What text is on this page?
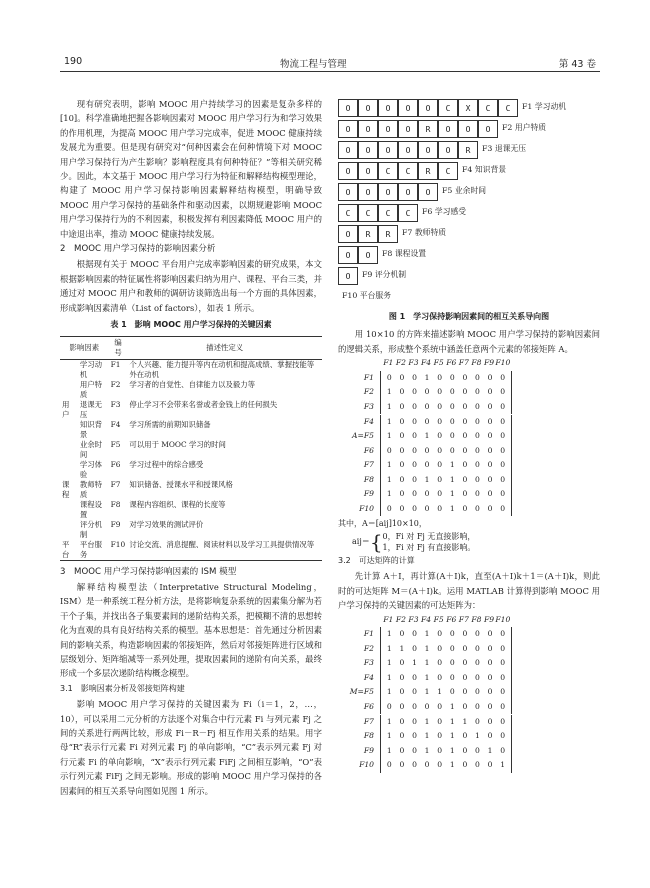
190	物流工程与管理	第 43 卷

现有研究表明，影响 MOOC 用户持续学习的因素是复杂多样的[10]。科学准确地把握各影响因素对 MOOC 用户学习行为和学习效果的作用机理，为提高 MOOC 用户学习完成率，促进 MOOC 健康持续发展尤为重要。但是现有研究对“何种因素会在何种情境下对 MOOC 用户学习保持行为产生影响？影响程度具有何种特征？”等相关研究稀少。因此，本文基于 MOOC 用户学习行为特征和解释结构模型理论，构建了 MOOC 用户学习保持影响因素解释结构模型，明确导致 MOOC 用户学习保持的基础条件和驱动因素，以期规避影响 MOOC 用户学习保持行为的不利因素，积极发挥有利因素降低 MOOC 用户的中途退出率，推动 MOOC 健康持续发展。

2　MOOC 用户学习保持的影响因素分析

根据现有关于 MOOC 平台用户完成率影响因素的研究成果，本文根据影响因素的特征属性将影响因素归纳为用户、课程、平台三类，并通过对 MOOC 用户和教师的调研访谈筛选出每一个方面的具体因素，形成影响因素清单（List of factors），如表 1 所示。

表 1　影响 MOOC 用户学习保持的关键因素
影响因素		编号	描述性定义
	学习动机	F1	个人兴趣、能力提升等内在动机和提高成绩、掌握技能等外在动机
	用户特质	F2	学习者的自觉性、自律能力以及毅力等
用户	退课无压	F3	停止学习不会带来名誉或者金钱上的任何损失
	知识背景	F4	学习所需的前期知识储备
	业余时间	F5	可以用于 MOOC 学习的时间
	学习体验	F6	学习过程中的综合感受
课程	教师特质	F7	知识储备、授课水平和授课风格
	课程设置	F8	课程内容组织、课程的长度等
	评分机制	F9	对学习效果的测试评价
平台	平台服务	F10	讨论交流、消息提醒、阅读材料以及学习工具提供情况等
3　MOOC 用户学习保持影响因素的 ISM 模型

解释结构模型法（Interpretative Structural Modeling，ISM）是一种系统工程分析方法，是将影响复杂系统的因素集分解为若干个子集，并找出各子集要素间的递阶结构关系，把模糊不清的思想转化为直观的具有良好结构关系的模型。基本思想是：首先通过分析因素间的影响关系，构造影响因素的邻接矩阵，然后对邻接矩阵进行区域和层级划分、矩阵缩减等一系列处理，提取因素间的递阶有向关系，最终形成一个多层次递阶结构概念模型。

3.1　影响因素分析及邻接矩阵构建

影响 MOOC 用户学习保持的关键因素为 Fi（i＝1，2，…，10），可以采用二元分析的方法逐个对集合中行元素 Fi 与列元素 Fj 之间的关系进行两两比较，形成 Fi－R－Fj 相互作用关系的结果。用字母“R”表示行元素 Fi 对列元素 Fj 的单向影响，“C”表示列元素 Fj 对行元素 Fi 的单向影响，“X”表示行列元素 FiFj 之间相互影响，“O”表示行列元素 FiFj 之间无影响。形成的影响 MOOC 用户学习保持的各因素间的相互关系导向图如见图 1 所示。

O	O	O	O	O	C	X	C	C	F1 学习动机
O	O	O	O	R	O	O	O	F2 用户特质
O	O	O	O	O	O	R	F3 退课无压
O	O	C	C	R	C	F4 知识背景
O	O	O	O	O	F5 业余时间
C	C	C	C	F6 学习感受
O	R	R	F7 教师特质
O	O	F8 课程设置
O	F9 评分机制
F10 平台服务
图 1　学习保持影响因素间的相互关系导向图

用 10×10 的方阵来描述影响 MOOC 用户学习保持的影响因素间的逻辑关系，形成整个系统中涵盖任意两个元素的邻接矩阵 A。

F1 F2 F3 F4 F5 F6 F7 F8 F9 F10
F1	0	0	0	1	0	0	0	0	0	0
F2	1	0	0	0	0	0	0	0	0	0
F3	1	0	0	0	0	0	0	0	0	0
F4	1	0	0	0	0	0	0	0	0	0
A=F5	1	0	0	1	0	0	0	0	0	0
F6	0	0	0	0	0	0	0	0	0	0
F7	1	0	0	0	0	1	0	0	0	0
F8	1	0	0	1	0	1	0	0	0	0
F9	1	0	0	0	0	1	0	0	0	0
F10	0	0	0	0	0	1	0	0	0	0

其中，A＝[aij]10×10，

aij＝ { 0，Fi 对 Fj 无直接影响，
1，Fi 对 Fj 有直接影响。
3.2　可达矩阵的计算

先计算 A＋I，再计算(A＋I)k，直至(A＋I)k＋1＝(A＋I)k，则此时的可达矩阵 M＝(A＋I)k。运用 MATLAB 计算得到影响 MOOC 用户学习保持的关键因素的可达矩阵为：

F1 F2 F3 F4 F5 F6 F7 F8 F9 F10
F1	1	0	0	1	0	0	0	0	0	0
F2	1	1	0	1	0	0	0	0	0	0
F3	1	0	1	1	0	0	0	0	0	0
F4	1	0	0	1	0	0	0	0	0	0
M=F5	1	0	0	1	1	0	0	0	0	0
F6	0	0	0	0	0	1	0	0	0	0
F7	1	0	0	1	0	1	1	0	0	0
F8	1	0	0	1	0	1	0	1	0	0
F9	1	0	0	1	0	1	0	0	1	0
F10	0	0	0	0	0	1	0	0	0	1
